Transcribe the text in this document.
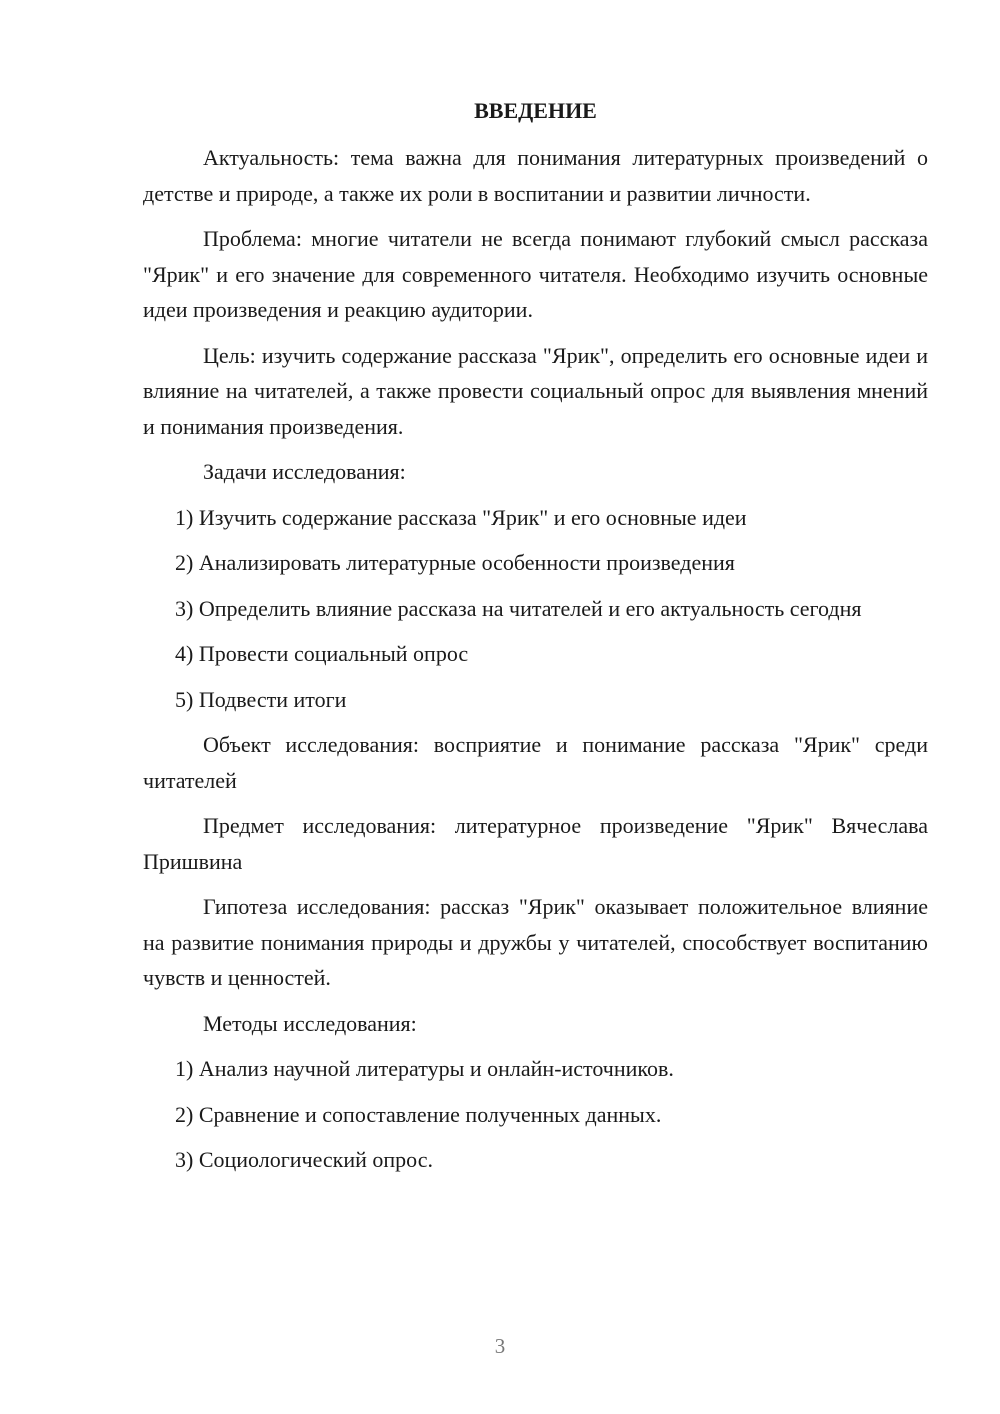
ВВЕДЕНИЕ

Актуальность: тема важна для понимания литературных произведений о детстве и природе, а также их роли в воспитании и развитии личности.

Проблема: многие читатели не всегда понимают глубокий смысл рассказа "Ярик" и его значение для современного читателя. Необходимо изучить основные идеи произведения и реакцию аудитории.

Цель: изучить содержание рассказа "Ярик", определить его основные идеи и влияние на читателей, а также провести социальный опрос для выявления мнений и понимания произведения.

Задачи исследования:

1) Изучить содержание рассказа "Ярик" и его основные идеи

2) Анализировать литературные особенности произведения

3) Определить влияние рассказа на читателей и его актуальность сегодня

4) Провести социальный опрос

5) Подвести итоги

Объект исследования: восприятие и понимание рассказа "Ярик" среди читателей

Предмет исследования: литературное произведение "Ярик" Вячеслава Пришвина

Гипотеза исследования: рассказ "Ярик" оказывает положительное влияние на развитие понимания природы и дружбы у читателей, способствует воспитанию чувств и ценностей.

Методы исследования:

1) Анализ научной литературы и онлайн-источников.

2) Сравнение и сопоставление полученных данных.

3) Социологический опрос.

3
